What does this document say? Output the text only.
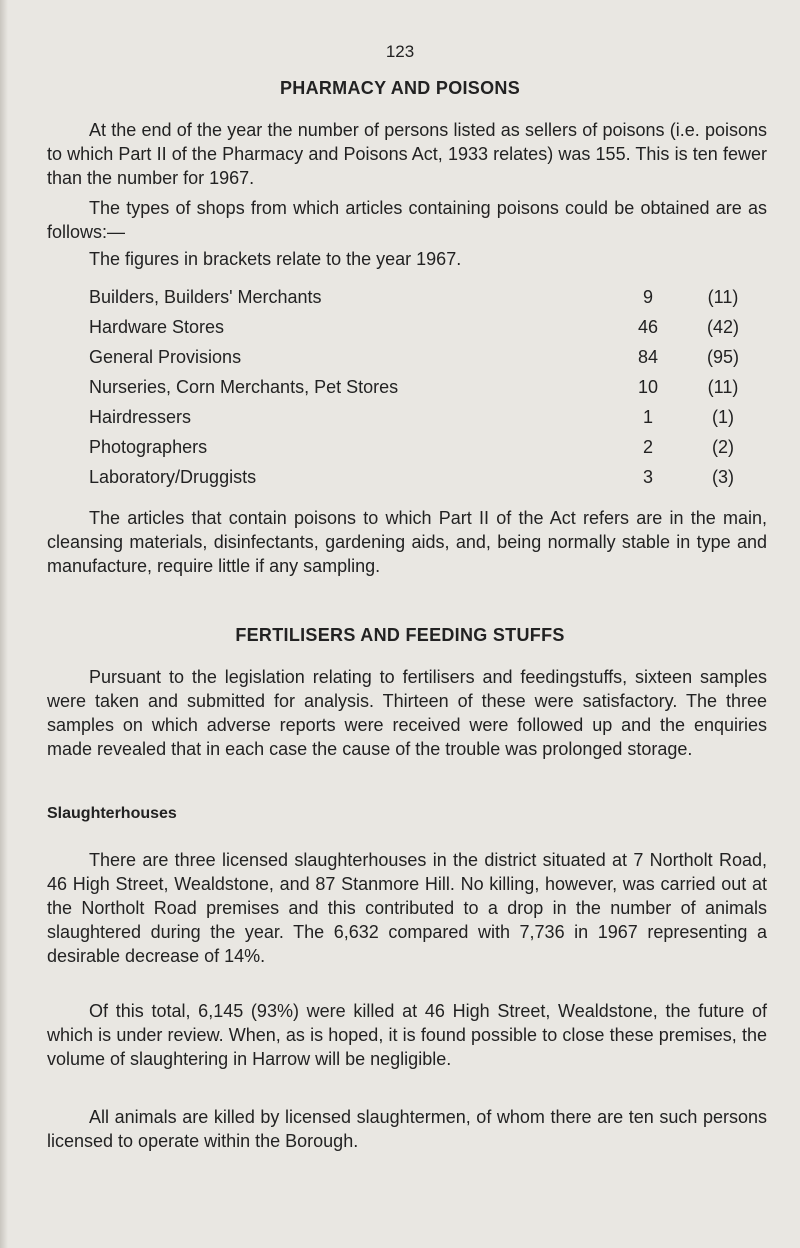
123
PHARMACY AND POISONS
At the end of the year the number of persons listed as sellers of poisons (i.e. poisons to which Part II of the Pharmacy and Poisons Act, 1933 relates) was 155. This is ten fewer than the number for 1967.
The types of shops from which articles containing poisons could be obtained are as follows:—
The figures in brackets relate to the year 1967.
Builders, Builders' Merchants	9	(11)
Hardware Stores	46	(42)
General Provisions	84	(95)
Nurseries, Corn Merchants, Pet Stores	10	(11)
Hairdressers	1	(1)
Photographers	2	(2)
Laboratory/Druggists	3	(3)
The articles that contain poisons to which Part II of the Act refers are in the main, cleansing materials, disinfectants, gardening aids, and, being normally stable in type and manufacture, require little if any sampling.
FERTILISERS AND FEEDING STUFFS
Pursuant to the legislation relating to fertilisers and feedingstuffs, sixteen samples were taken and submitted for analysis. Thirteen of these were satisfactory. The three samples on which adverse reports were received were followed up and the enquiries made revealed that in each case the cause of the trouble was prolonged storage.
Slaughterhouses
There are three licensed slaughterhouses in the district situated at 7 Northolt Road, 46 High Street, Wealdstone, and 87 Stanmore Hill. No killing, however, was carried out at the Northolt Road premises and this contributed to a drop in the number of animals slaughtered during the year. The 6,632 compared with 7,736 in 1967 representing a desirable decrease of 14%.
Of this total, 6,145 (93%) were killed at 46 High Street, Wealdstone, the future of which is under review. When, as is hoped, it is found possible to close these premises, the volume of slaughtering in Harrow will be negligible.
All animals are killed by licensed slaughtermen, of whom there are ten such persons licensed to operate within the Borough.
